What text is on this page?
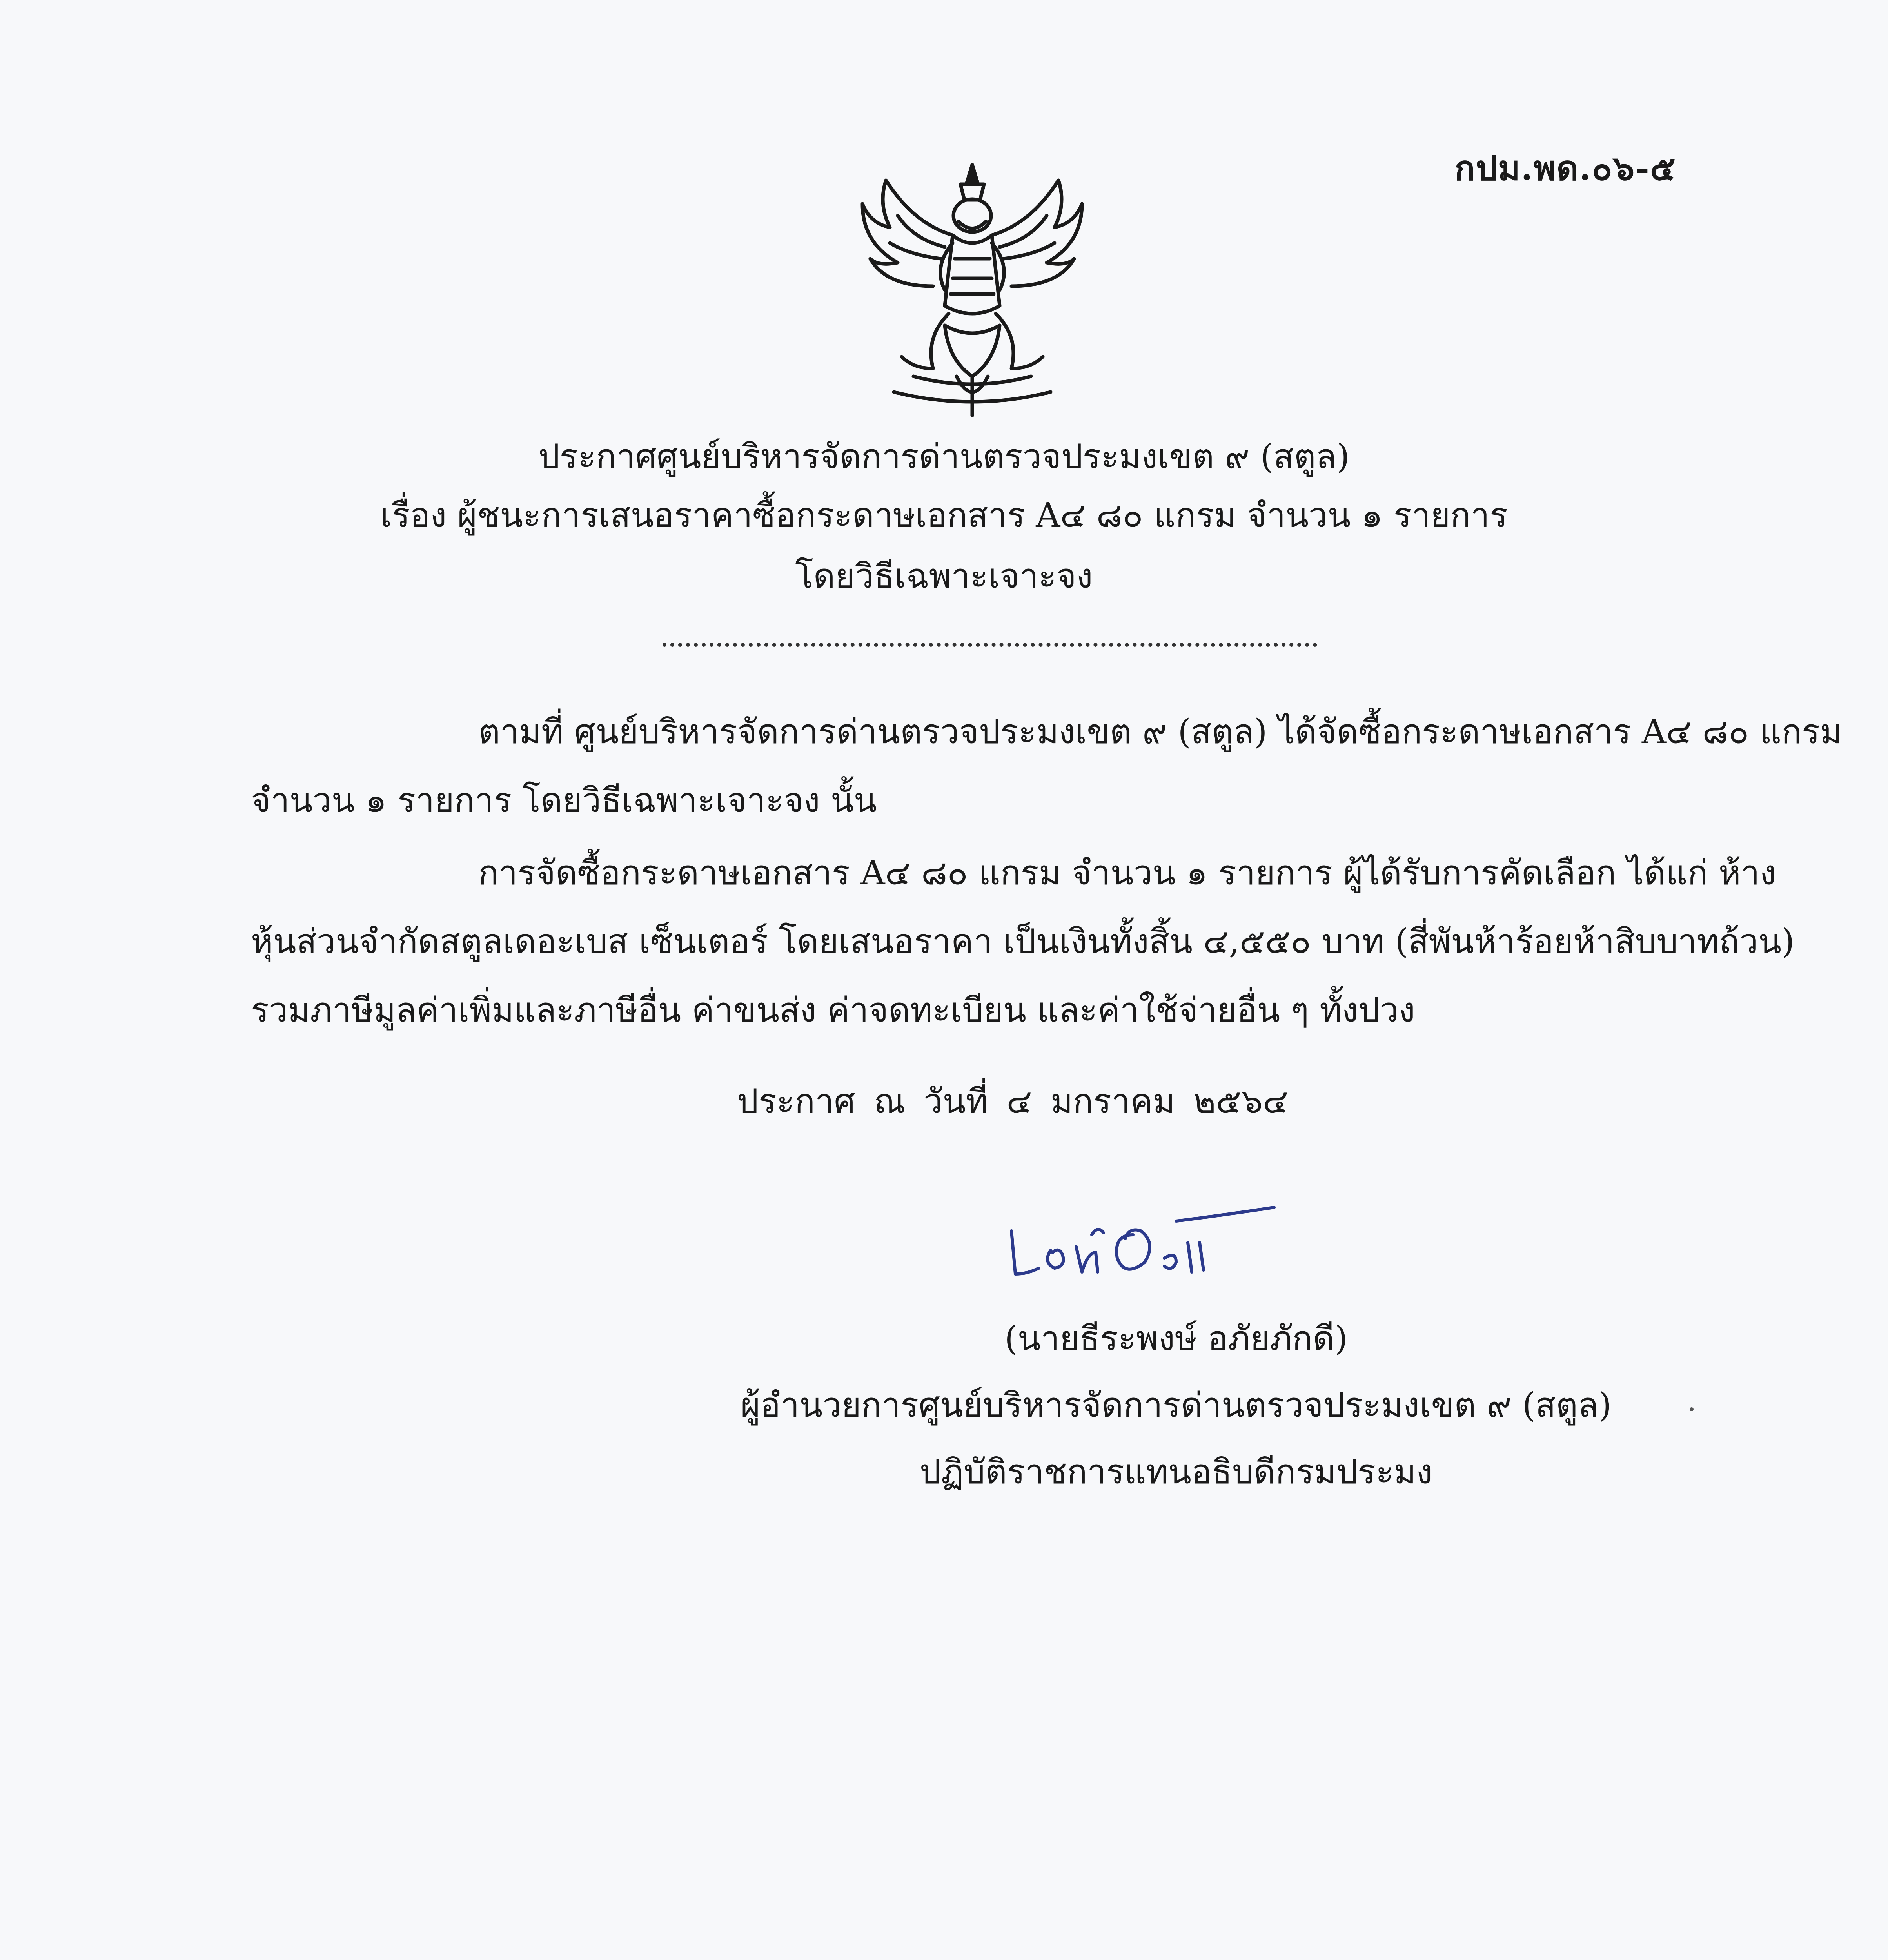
กปม.พด.๐๖-๕
ประกาศศูนย์บริหารจัดการด่านตรวจประมงเขต ๙ (สตูล)
เรื่อง ผู้ชนะการเสนอราคาซื้อกระดาษเอกสาร A๔ ๘๐ แกรม จำนวน ๑ รายการ
โดยวิธีเฉพาะเจาะจง
ตามที่ ศูนย์บริหารจัดการด่านตรวจประมงเขต ๙ (สตูล) ได้จัดซื้อกระดาษเอกสาร A๔ ๘๐ แกรม
จำนวน ๑ รายการ โดยวิธีเฉพาะเจาะจง นั้น
การจัดซื้อกระดาษเอกสาร A๔ ๘๐ แกรม จำนวน ๑ รายการ ผู้ได้รับการคัดเลือก ได้แก่ ห้าง
หุ้นส่วนจำกัดสตูลเดอะเบส เซ็นเตอร์ โดยเสนอราคา เป็นเงินทั้งสิ้น ๔,๕๕๐ บาท (สี่พันห้าร้อยห้าสิบบาทถ้วน)
รวมภาษีมูลค่าเพิ่มและภาษีอื่น ค่าขนส่ง ค่าจดทะเบียน และค่าใช้จ่ายอื่น ๆ ทั้งปวง
ประกาศ ณ วันที่ ๔ มกราคม ๒๕๖๔
(นายธีระพงษ์ อภัยภักดี)
ผู้อำนวยการศูนย์บริหารจัดการด่านตรวจประมงเขต ๙ (สตูล)
ปฏิบัติราชการแทนอธิบดีกรมประมง
